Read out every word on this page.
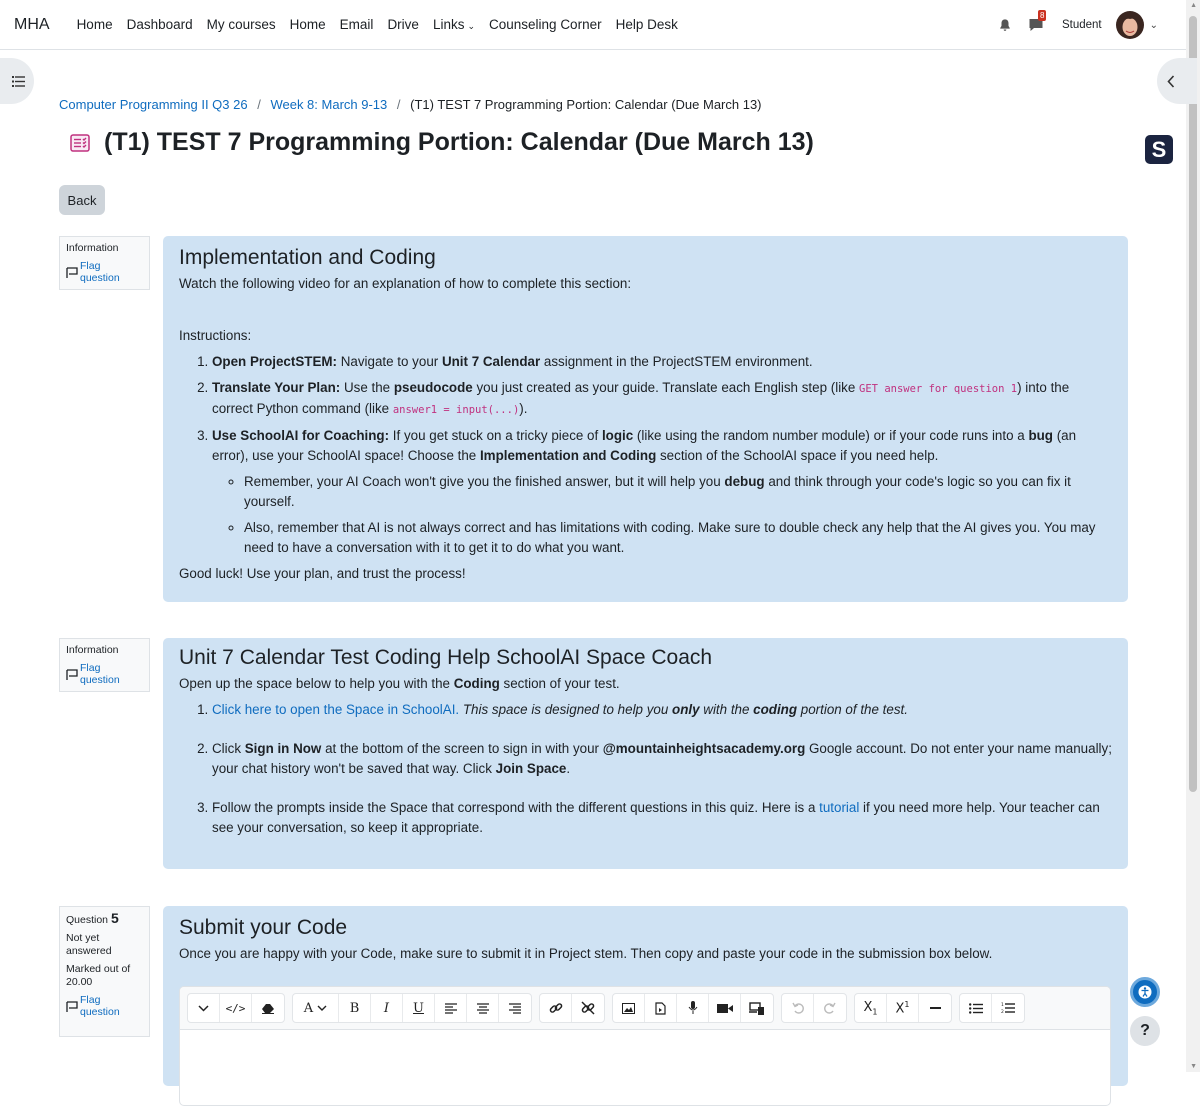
MHA Home Dashboard My courses Home Email Drive Links ⌄ Counseling Corner Help Desk
8
Student	⌄
▲
▼
Computer Programming II Q3 26 / Week 8: March 9-13 / (T1) TEST 7 Programming Portion: Calendar (Due March 13)
(T1) TEST 7 Programming Portion: Calendar (Due March 13)	S
Back
Information
Flag question
Implementation and Coding

Watch the following video for an explanation of how to complete this section:

Instructions:

1. Open ProjectSTEM: Navigate to your Unit 7 Calendar assignment in the ProjectSTEM environment.
2. Translate Your Plan: Use the pseudocode you just created as your guide. Translate each English step (like GET answer for question 1) into the correct Python command (like answer1 = input(...)).
3. Use SchoolAI for Coaching: If you get stuck on a tricky piece of logic (like using the random number module) or if your code runs into a bug (an error), use your SchoolAI space! Choose the Implementation and Coding section of the SchoolAI space if you need help.
◦ Remember, your AI Coach won't give you the finished answer, but it will help you debug and think through your code's logic so you can fix it yourself.
◦ Also, remember that AI is not always correct and has limitations with coding. Make sure to double check any help that the AI gives you. You may need to have a conversation with it to get it to do what you want.

Good luck! Use your plan, and trust the process!

Information
Flag question
Unit 7 Calendar Test Coding Help SchoolAI Space Coach

Open up the space below to help you with the Coding section of your test.

1. Click here to open the Space in SchoolAI. This space is designed to help you only with the coding portion of the test.
2. Click Sign in Now at the bottom of the screen to sign in with your @mountainheightsacademy.org Google account. Do not enter your name manually; your chat history won't be saved that way. Click Join Space.
3. Follow the prompts inside the Space that correspond with the different questions in this quiz. Here is a tutorial if you need more help. Your teacher can see your conversation, so keep it appropriate.
Question 5
Not yet answered
Marked out of 20.00
Flag question
Submit your Code

Once you are happy with your Code, make sure to submit it in Project stem. Then copy and paste your code in the submission box below.

</>	A	B I U	$X_1$ $X^1$	1
2
?
